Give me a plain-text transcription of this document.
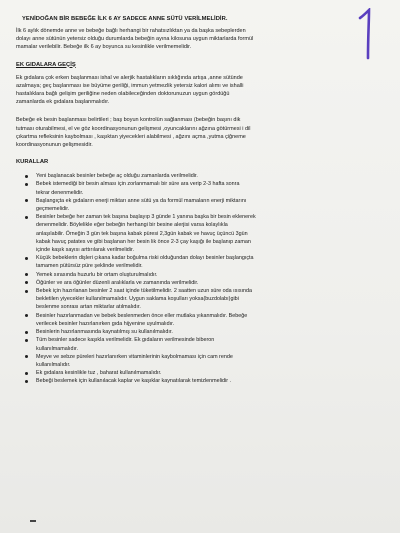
YENİDOĞAN BİR BEBEĞE İLK 6 AY SADECE ANNE SÜTÜ VERİLMELİDİR.
İlk 6 aylık dönemde anne ve bebeğe bağlı herhangi bir rahatsızlıktan ya da başka sebeplerden
dolayı anne sütünün yetersiz olduğu durumlarda bebeğin ayına kilosuna uygun miktarlarda formül
mamalar verilebilir. Bebeğe ilk 6 ay boyunca su kesinlikle verilmemelidir.
EK GIDALARA GEÇİŞ
Ek gıdalara çok erken başlanması ishal ve alerjik hastalıkların sıklığında artışa ,anne sütünde
azalmaya; geç başlanması ise büyüme geriliği, immun yetmezlik yetersiz kalori alımı ve ishalli
hastalıklara bağlı gelişim geriliğine neden olabileceğinden doktorunuzun uygun gördüğü
zamanlarda ek gıdalara başlanmalıdır.
Bebeğe ek besin başlanması belirtileri ; baş boyun kontrolün sağlanması (bebeğin başını dik
tutması oturabilmesi, el ve göz koordinasyonunun gelişmesi ,oyuncaklarını ağzına götürmesi i dil
çıkartma refleksinin kaybolması , kaşıktan yiyecekleri alabilmesi , ağzını açma ,yutma çiğneme
koordinasyonunun gelişmesidir.
KURALLAR
Yeni başlanacak besinler bebeğe aç olduğu zamanlarda verilmelidir.
Bebek istemediği bir besin alması için zorlanmamalı bir süre ara verip 2-3 hafta sonra
tekrar denenmelidir.
Başlangıçta ek gıdaların enerji miktarı anne sütü ya da formül mamaların enerji miktarını
geçmemelidir.
Besinler bebeğe her zaman tek başına başlayıp 3 günde 1 yanına başka bir besin eklenerek
denenmelidir. Böylelikle eğer bebeğin herhangi bir besine alerjisi varsa kolaylıkla
anlaşılabilir. Örneğin 3 gün tek başına kabak püresi 2,3gün kabak ve havuç üçüncü 3gün
kabak havuç patates ve gibi başlanan her besin lik önce 2-3 çay kaşığı ile başlanıp zaman
içinde kaşık sayısı arttırılarak verilmelidir.
Küçük bebeklerin dişleri çıkana kadar boğulma riski olduğundan dolayı besinler başlangıçta
tamamen pütürsüz püre şeklinde verilmelidir.
Yemek sırasında huzurlu bir ortam oluşturulmalıdır.
Öğünler ve ara öğünler düzenli aralıklarla ve zamanında verilmelidir.
Bebek için hazırlanan besinler 2 saat içinde tüketilmelidir. 2 saatten uzun süre oda ısısında
bekletilen yiyecekler kullanılmamalıdır. Uygun saklama koşulları yoksa(buzdolabı)gibi
beslenme sonrası artan miktarlar atılmalıdır.
Besinler hazırlanmadan ve bebek beslenmeden önce eller mutlaka yıkanmalıdır. Bebeğe
verilecek besinler hazırlanırken gıda hijyenine uyulmalıdır.
Besinlerin hazırlanmasında kaynatılmış su kullanılmalıdır.
Tüm besinler sadece kaşıkla verilmelidir. Ek gıdaların verilmesinde biberon
kullanılmamalıdır.
Meyve ve sebze püreleri hazırlanırken vitaminlerinin kaybolmaması için cam rende
kullanılmalıdır.
Ek gıdalara kesinlikle tuz , baharat kullanılmamalıdır.
Bebeği beslemek için kullanılacak kaplar ve kaşıklar kaynatılarak temizlenmelidir .
